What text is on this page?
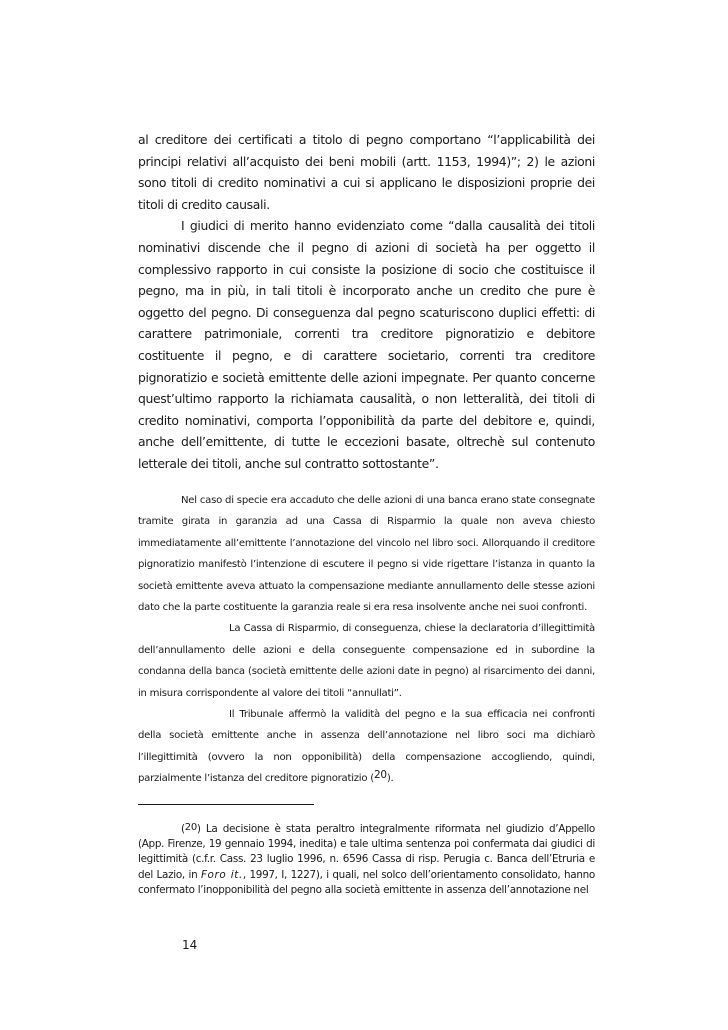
al creditore dei certificati a titolo di pegno comportano “l’applicabilità dei principi relativi all’acquisto dei beni mobili (artt. 1153, 1994)”; 2) le azioni sono titoli di credito nominativi a cui si applicano le disposizioni proprie dei titoli di credito causali.

I giudici di merito hanno evidenziato come “dalla causalità dei titoli nominativi discende che il pegno di azioni di società ha per oggetto il complessivo rapporto in cui consiste la posizione di socio che costituisce il pegno, ma in più, in tali titoli è incorporato anche un credito che pure è oggetto del pegno. Di conseguenza dal pegno scaturiscono duplici effetti: di carattere patrimoniale, correnti tra creditore pignoratizio e debitore costituente il pegno, e di carattere societario, correnti tra creditore pignoratizio e società emittente delle azioni impegnate. Per quanto concerne quest’ultimo rapporto la richiamata causalità, o non letteralità, dei titoli di credito nominativi, comporta l’opponibilità da parte del debitore e, quindi, anche dell’emittente, di tutte le eccezioni basate, oltrechè sul contenuto letterale dei titoli, anche sul contratto sottostante”.

Nel caso di specie era accaduto che delle azioni di una banca erano state consegnate tramite girata in garanzia ad una Cassa di Risparmio la quale non aveva chiesto immediatamente all’emittente l’annotazione del vincolo nel libro soci. Allorquando il creditore pignoratizio manifestò l’intenzione di escutere il pegno si vide rigettare l’istanza in quanto la società emittente aveva attuato la compensazione mediante annullamento delle stesse azioni dato che la parte costituente la garanzia reale si era resa insolvente anche nei suoi confronti.

La Cassa di Risparmio, di conseguenza, chiese la declaratoria d’illegittimità dell’annullamento delle azioni e della conseguente compensazione ed in subordine la condanna della banca (società emittente delle azioni date in pegno) al risarcimento dei danni, in misura corrispondente al valore dei titoli “annullati”.

Il Tribunale affermò la validità del pegno e la sua efficacia nei confronti della società emittente anche in assenza dell’annotazione nel libro soci ma dichiarò l’illegittimità (ovvero la non opponibilità) della compensazione accogliendo, quindi, parzialmente l’istanza del creditore pignoratizio (20).

(20) La decisione è stata peraltro integralmente riformata nel giudizio d’Appello (App. Firenze, 19 gennaio 1994, inedita) e tale ultima sentenza poi confermata dai giudici di legittimità (c.f.r. Cass. 23 luglio 1996, n. 6596 Cassa di risp. Perugia c. Banca dell’Etruria e del Lazio, in Foro it., 1997, I, 1227), i quali, nel solco dell’orientamento consolidato, hanno confermato l’inopponibilità del pegno alla società emittente in assenza dell’annotazione nel

14
